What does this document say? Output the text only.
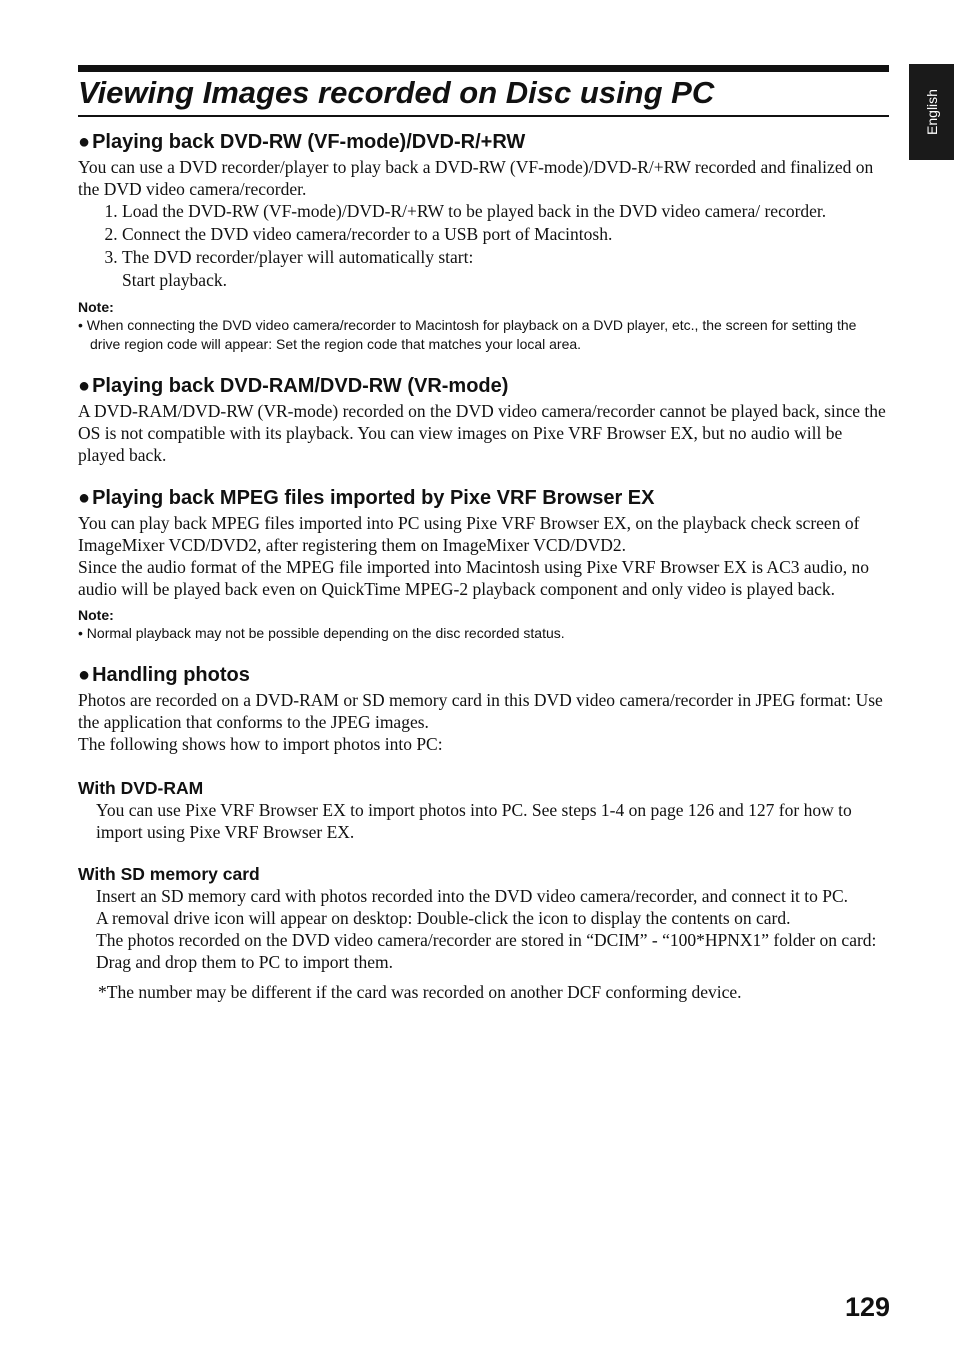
Viewing Images recorded on Disc using PC	English
● Playing back DVD-RW (VF-mode)/DVD-R/+RW

You can use a DVD recorder/player to play back a DVD-RW (VF-mode)/DVD-R/+RW recorded and finalized on the DVD video camera/recorder.

1. Load the DVD-RW (VF-mode)/DVD-R/+RW to be played back in the DVD video camera/ recorder.
2. Connect the DVD video camera/recorder to a USB port of Macintosh.
3. The DVD recorder/player will automatically start:
Start playback.

Note:

• When connecting the DVD video camera/recorder to Macintosh for playback on a DVD player, etc., the screen for setting the drive region code will appear: Set the region code that matches your local area.

● Playing back DVD-RAM/DVD-RW (VR-mode)

A DVD-RAM/DVD-RW (VR-mode) recorded on the DVD video camera/recorder cannot be played back, since the OS is not compatible with its playback. You can view images on Pixe VRF Browser EX, but no audio will be played back.

● Playing back MPEG files imported by Pixe VRF Browser EX

You can play back MPEG files imported into PC using Pixe VRF Browser EX, on the playback check screen of ImageMixer VCD/DVD2, after registering them on ImageMixer VCD/DVD2.

Since the audio format of the MPEG file imported into Macintosh using Pixe VRF Browser EX is AC3 audio, no audio will be played back even on QuickTime MPEG-2 playback component and only video is played back.

Note:

• Normal playback may not be possible depending on the disc recorded status.

● Handling photos

Photos are recorded on a DVD-RAM or SD memory card in this DVD video camera/recorder in JPEG format: Use the application that conforms to the JPEG images.

The following shows how to import photos into PC:

With DVD-RAM

You can use Pixe VRF Browser EX to import photos into PC. See steps 1-4 on page 126 and 127 for how to import using Pixe VRF Browser EX.

With SD memory card

Insert an SD memory card with photos recorded into the DVD video camera/recorder, and connect it to PC.

A removal drive icon will appear on desktop: Double-click the icon to display the contents on card.

The photos recorded on the DVD video camera/recorder are stored in “DCIM” - “100*HPNX1” folder on card: Drag and drop them to PC to import them.

*The number may be different if the card was recorded on another DCF conforming device.

129
